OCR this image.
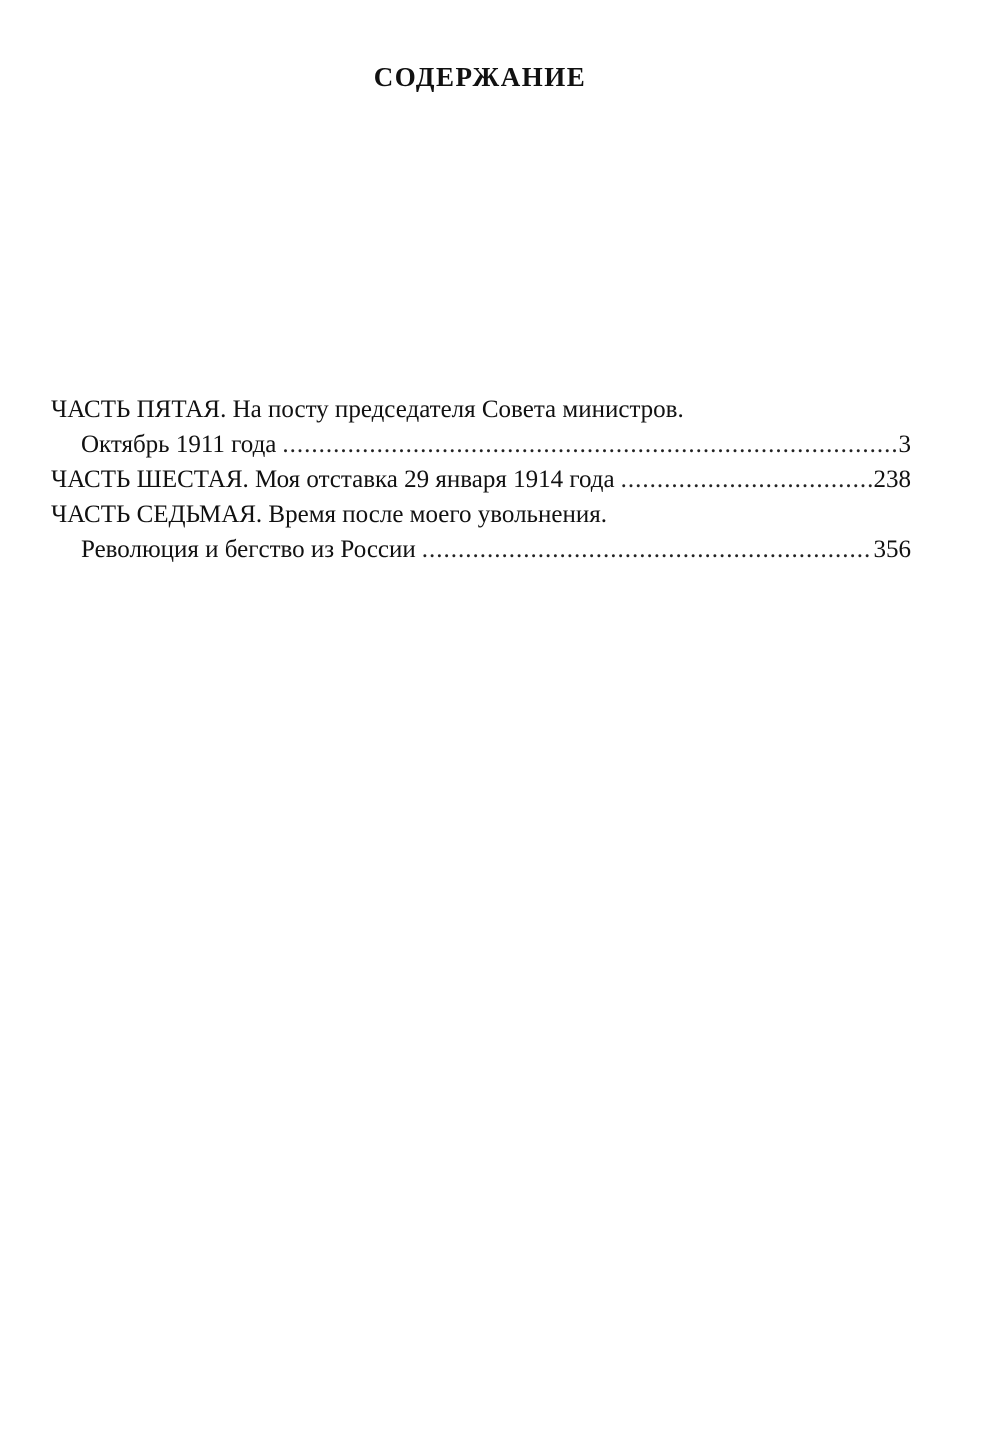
СОДЕРЖАНИЕ
ЧАСТЬ ПЯТАЯ. На посту председателя Совета министров.
Октябрь 1911 года .....	3
ЧАСТЬ ШЕСТАЯ. Моя отставка 29 января 1914 года .....	238
ЧАСТЬ СЕДЬМАЯ. Время после моего увольнения.
Революция и бегство из России .....	356
